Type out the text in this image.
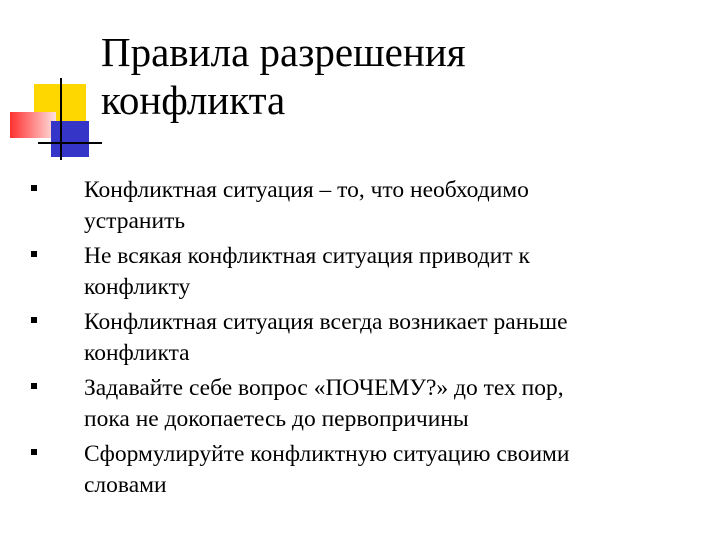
Правила разрешения
конфликта
Конфликтная ситуация – то, что необходимо
устранить
Не всякая конфликтная ситуация приводит к
конфликту
Конфликтная ситуация всегда возникает раньше
конфликта
Задавайте себе вопрос «ПОЧЕМУ?» до тех пор,
пока не докопаетесь до первопричины
Сформулируйте конфликтную ситуацию своими
словами
